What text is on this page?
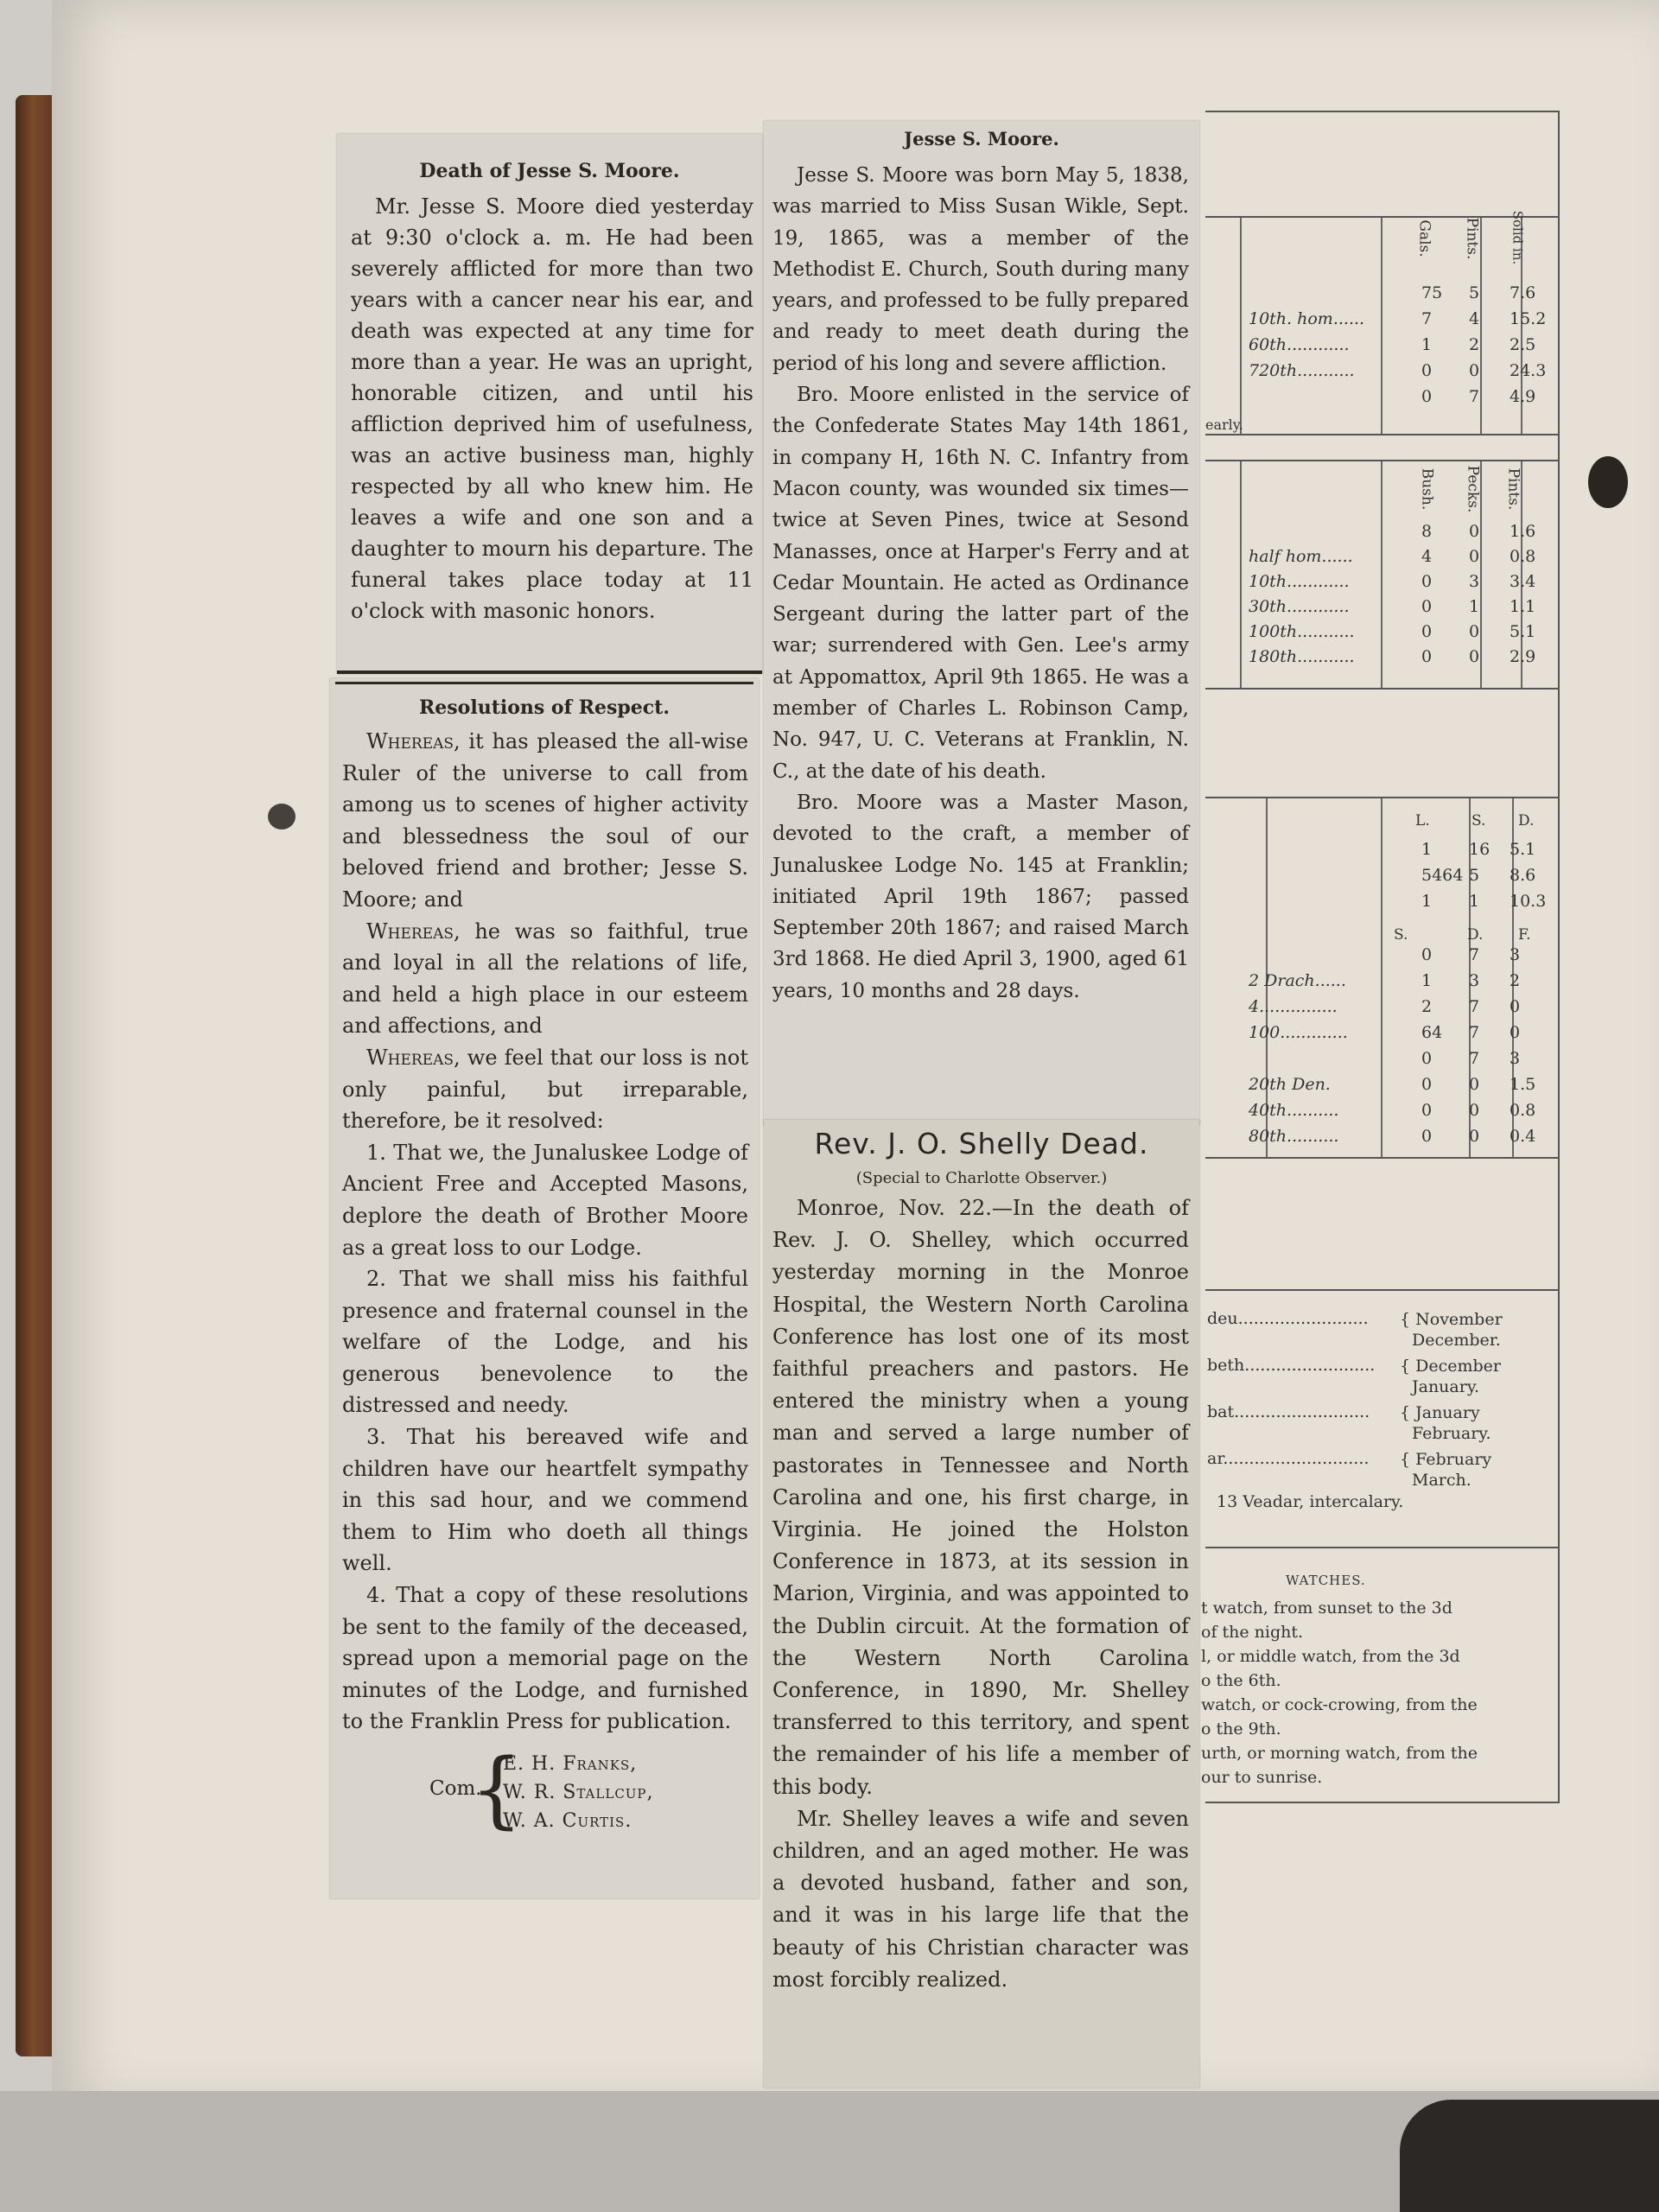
Gals. Pints. Solid in.
75 5 7.6
10th. hom......	7 4 15.2
60th............	1 2 2.5
720th...........	0 0 24.3
0 7 4.9
early.
Bush. Pecks. Pints.
8 0 1.6
half hom......	4 0 0.8
10th............	0 3 3.4
30th............	0 1 1.1
100th...........	0 0 5.1
180th...........	0 0 2.9
L.	S. D.
1 16 5.1
5464 5 8.6
1 1 10.3
S.	D. F.
0 7 3
2 Drach......	1 3 2
4...............	2 7 0
100.............	64 7 0
0 7 3
20th Den.	0 0 1.5
40th..........	0 0 0.8
80th..........	0 0 0.4
deu......................... { November
December.
beth......................... { December
January.
bat.......................... { January
February.
ar............................ { February
March.
13 Veadar, intercalary.
WATCHES.
t watch, from sunset to the 3d
of the night.
l, or middle watch, from the 3d
o the 6th.
watch, or cock-crowing, from the
o the 9th.
urth, or morning watch, from the
our to sunrise.
Death of Jesse S. Moore.

Mr. Jesse S. Moore died yesterday at 9:30 o'clock a. m. He had been severely afflicted for more than two years with a cancer near his ear, and death was expected at any time for more than a year. He was an upright, honorable citizen, and until his affliction deprived him of usefulness, was an active business man, highly respected by all who knew him. He leaves a wife and one son and a daughter to mourn his departure. The funeral takes place today at 11 o'clock with masonic honors.

Resolutions of Respect.

Whereas, it has pleased the all-wise Ruler of the universe to call from among us to scenes of higher activity and blessedness the soul of our beloved friend and brother; Jesse S. Moore; and

Whereas, he was so faithful, true and loyal in all the relations of life, and held a high place in our esteem and affections, and

Whereas, we feel that our loss is not only painful, but irreparable, therefore, be it resolved:

1. That we, the Junaluskee Lodge of Ancient Free and Accepted Masons, deplore the death of Brother Moore as a great loss to our Lodge.

2. That we shall miss his faithful presence and fraternal counsel in the welfare of the Lodge, and his generous benevolence to the distressed and needy.

3. That his bereaved wife and children have our heartfelt sympathy in this sad hour, and we commend them to Him who doeth all things well.

4. That a copy of these resolutions be sent to the family of the deceased, spread upon a memorial page on the minutes of the Lodge, and furnished to the Franklin Press for publication.

Com.
{
E. H. Franks,
W. R. Stallcup,
W. A. Curtis.
Jesse S. Moore.

Jesse S. Moore was born May 5, 1838, was married to Miss Susan Wikle, Sept. 19, 1865, was a member of the Methodist E. Church, South during many years, and professed to be fully prepared and ready to meet death during the period of his long and severe affliction.

Bro. Moore enlisted in the service of the Confederate States May 14th 1861, in company H, 16th N. C. Infantry from Macon county, was wounded six times—twice at Seven Pines, twice at Sesond Manasses, once at Harper's Ferry and at Cedar Mountain. He acted as Ordinance Sergeant during the latter part of the war; surrendered with Gen. Lee's army at Appomattox, April 9th 1865. He was a member of Charles L. Robinson Camp, No. 947, U. C. Veterans at Franklin, N. C., at the date of his death.

Bro. Moore was a Master Mason, devoted to the craft, a member of Junaluskee Lodge No. 145 at Franklin; initiated April 19th 1867; passed September 20th 1867; and raised March 3rd 1868. He died April 3, 1900, aged 61 years, 10 months and 28 days.

Rev. J. O. Shelly Dead.
(Special to Charlotte Observer.)

Monroe, Nov. 22.—In the death of Rev. J. O. Shelley, which occurred yesterday morning in the Monroe Hospital, the Western North Carolina Conference has lost one of its most faithful preachers and pastors. He entered the ministry when a young man and served a large number of pastorates in Tennessee and North Carolina and one, his first charge, in Virginia. He joined the Holston Conference in 1873, at its session in Marion, Virginia, and was appointed to the Dublin circuit. At the formation of the Western North Carolina Conference, in 1890, Mr. Shelley transferred to this territory, and spent the remainder of his life a member of this body.

Mr. Shelley leaves a wife and seven children, and an aged mother. He was a devoted husband, father and son, and it was in his large life that the beauty of his Christian character was most forcibly realized.
